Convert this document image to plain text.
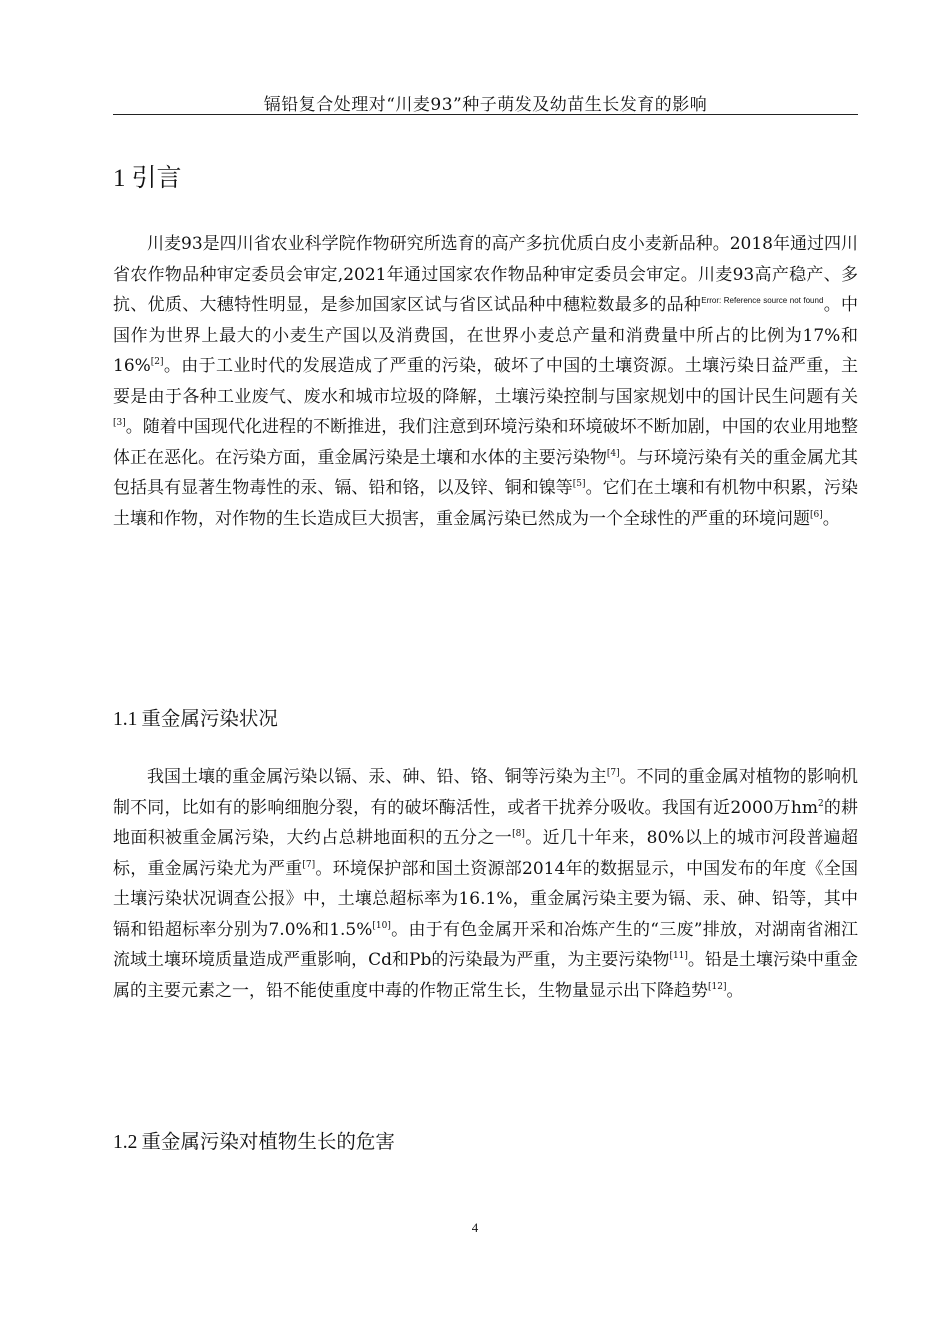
镉铅复合处理对“川麦93”种子萌发及幼苗生长发育的影响
1 引言

川麦93是四川省农业科学院作物研究所选育的高产多抗优质白皮小麦新品种。2018年通过四川省农作物品种审定委员会审定,2021年通过国家农作物品种审定委员会审定。川麦93高产稳产、多抗、优质、大穗特性明显，是参加国家区试与省区试品种中穗粒数最多的品种$^{Error: Reference source not found}$。中国作为世界上最大的小麦生产国以及消费国，在世界小麦总产量和消费量中所占的比例为17%和16%[2]。由于工业时代的发展造成了严重的污染，破坏了中国的土壤资源。土壤污染日益严重，主要是由于各种工业废气、废水和城市垃圾的降解，土壤污染控制与国家规划中的国计民生问题有关[3]。随着中国现代化进程的不断推进，我们注意到环境污染和环境破坏不断加剧，中国的农业用地整体正在恶化。在污染方面，重金属污染是土壤和水体的主要污染物[4]。与环境污染有关的重金属尤其包括具有显著生物毒性的汞、镉、铅和铬，以及锌、铜和镍等[5]。它们在土壤和有机物中积累，污染土壤和作物，对作物的生长造成巨大损害，重金属污染已然成为一个全球性的严重的环境问题[6]。

1.1 重金属污染状况

我国土壤的重金属污染以镉、汞、砷、铅、铬、铜等污染为主[7]。不同的重金属对植物的影响机制不同，比如有的影响细胞分裂，有的破坏酶活性，或者干扰养分吸收。我国有近2000万$hm^2$的耕地面积被重金属污染，大约占总耕地面积的五分之一[8]。近几十年来，80%以上的城市河段普遍超标，重金属污染尤为严重[7]。环境保护部和国土资源部2014年的数据显示，中国发布的年度《全国土壤污染状况调查公报》中，土壤总超标率为16.1%，重金属污染主要为镉、汞、砷、铅等，其中镉和铅超标率分别为7.0%和1.5%[10]。由于有色金属开采和冶炼产生的“三废”排放，对湖南省湘江流域土壤环境质量造成严重影响，Cd和Pb的污染最为严重，为主要污染物[11]。铅是土壤污染中重金属的主要元素之一，铅不能使重度中毒的作物正常生长，生物量显示出下降趋势[12]。

1.2 重金属污染对植物生长的危害
4
